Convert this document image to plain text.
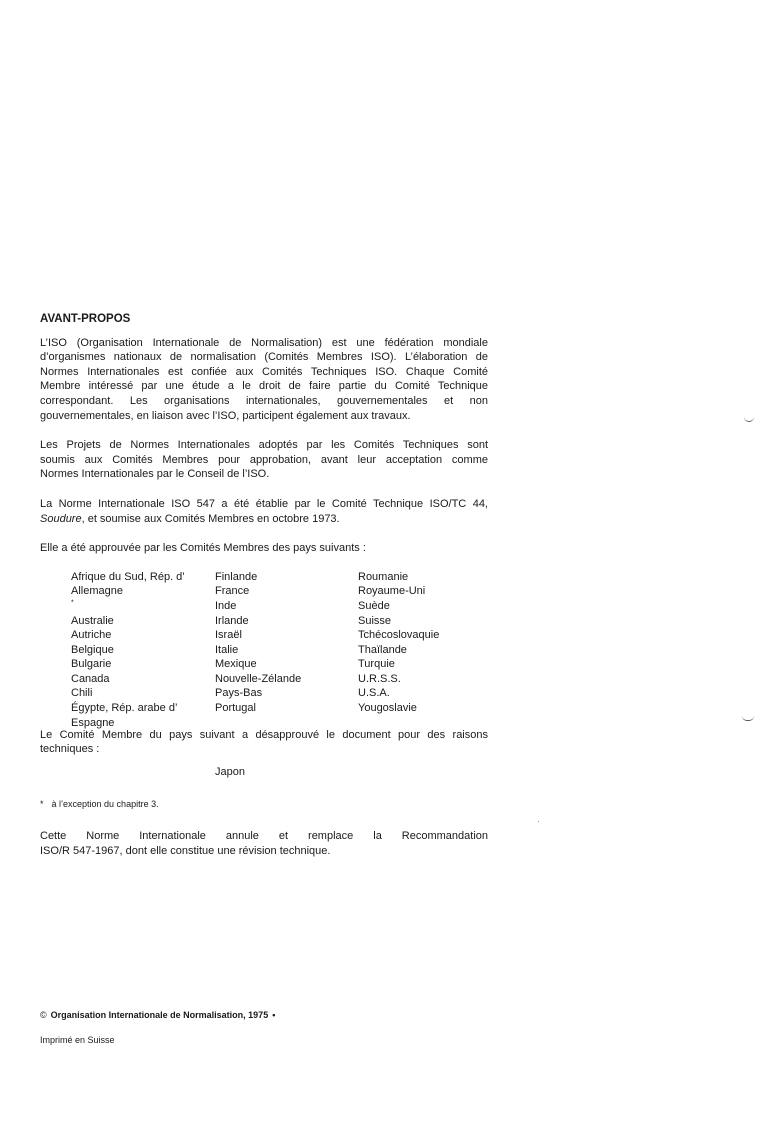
AVANT-PROPOS
L’ISO (Organisation Internationale de Normalisation) est une fédération mondiale
d’organismes nationaux de normalisation (Comités Membres ISO). L’élaboration de
Normes Internationales est confiée aux Comités Techniques ISO. Chaque Comité
Membre intéressé par une étude a le droit de faire partie du Comité Technique
correspondant. Les organisations internationales, gouvernementales et non
gouvernementales, en liaison avec l’ISO, participent également aux travaux.
Les Projets de Normes Internationales adoptés par les Comités Techniques sont
soumis aux Comités Membres pour approbation, avant leur acceptation comme
Normes Internationales par le Conseil de l’ISO.
La Norme Internationale ISO 547 a été établie par le Comité Technique ISO/TC 44,
Soudure, et soumise aux Comités Membres en octobre 1973.
Elle a été approuvée par les Comités Membres des pays suivants :
Afrique du Sud, Rép. d’
Allemagne
*
Australie
Autriche
Belgique
Bulgarie
Canada
Chili
Égypte, Rép. arabe d’
Espagne
Finlande
France
Inde
Irlande
Israël
Italie
Mexique
Nouvelle-Zélande
Pays-Bas
Portugal
Roumanie
Royaume-Uni
Suède
Suisse
Tchécoslovaquie
Thaïlande
Turquie
U.R.S.S.
U.S.A.
Yougoslavie
Le Comité Membre du pays suivant a désapprouvé le document pour des raisons
techniques :
Japon
* à l’exception du chapitre 3.
Cette Norme Internationale annule et remplace la Recommandation
ISO/R 547-1967, dont elle constitue une révision technique.
© Organisation Internationale de Normalisation, 1975 •
Imprimé en Suisse
